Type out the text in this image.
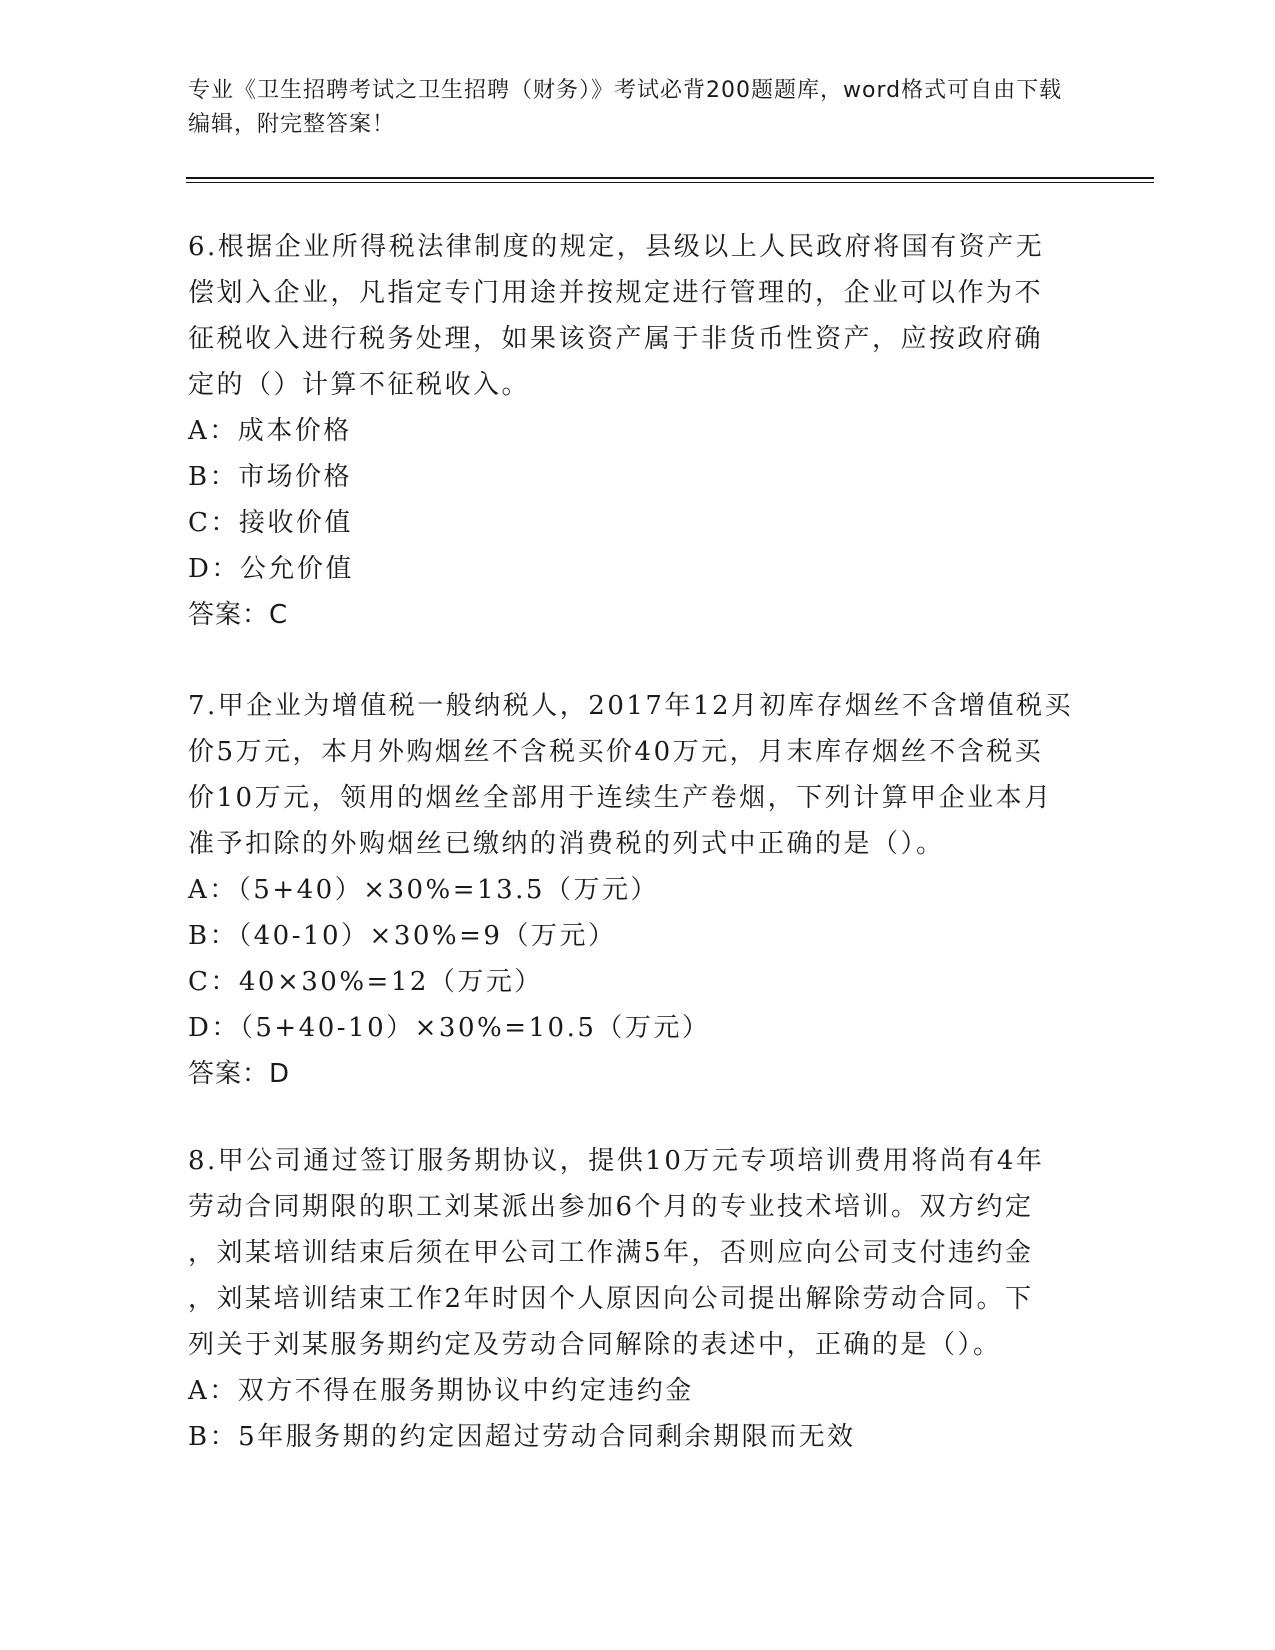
专业《卫生招聘考试之卫生招聘（财务）》考试必背200题题库，word格式可自由下载编辑，附完整答案！

6.根据企业所得税法律制度的规定，县级以上人民政府将国有资产无

偿划入企业，凡指定专门用途并按规定进行管理的，企业可以作为不

征税收入进行税务处理，如果该资产属于非货币性资产，应按政府确

定的（）计算不征税收入。

A：成本价格

B：市场价格

C：接收价值

D：公允价值

答案：C

7.甲企业为增值税一般纳税人，2017年12月初库存烟丝不含增值税买

价5万元，本月外购烟丝不含税买价40万元，月末库存烟丝不含税买

价10万元，领用的烟丝全部用于连续生产卷烟，下列计算甲企业本月

准予扣除的外购烟丝已缴纳的消费税的列式中正确的是（）。

A：（5+40）×30%=13.5（万元）

B：（40-10）×30%=9（万元）

C：40×30%=12（万元）

D：（5+40-10）×30%=10.5（万元）

答案：D

8.甲公司通过签订服务期协议，提供10万元专项培训费用将尚有4年

劳动合同期限的职工刘某派出参加6个月的专业技术培训。双方约定

，刘某培训结束后须在甲公司工作满5年，否则应向公司支付违约金

，刘某培训结束工作2年时因个人原因向公司提出解除劳动合同。下

列关于刘某服务期约定及劳动合同解除的表述中，正确的是（）。

A：双方不得在服务期协议中约定违约金

B：5年服务期的约定因超过劳动合同剩余期限而无效
